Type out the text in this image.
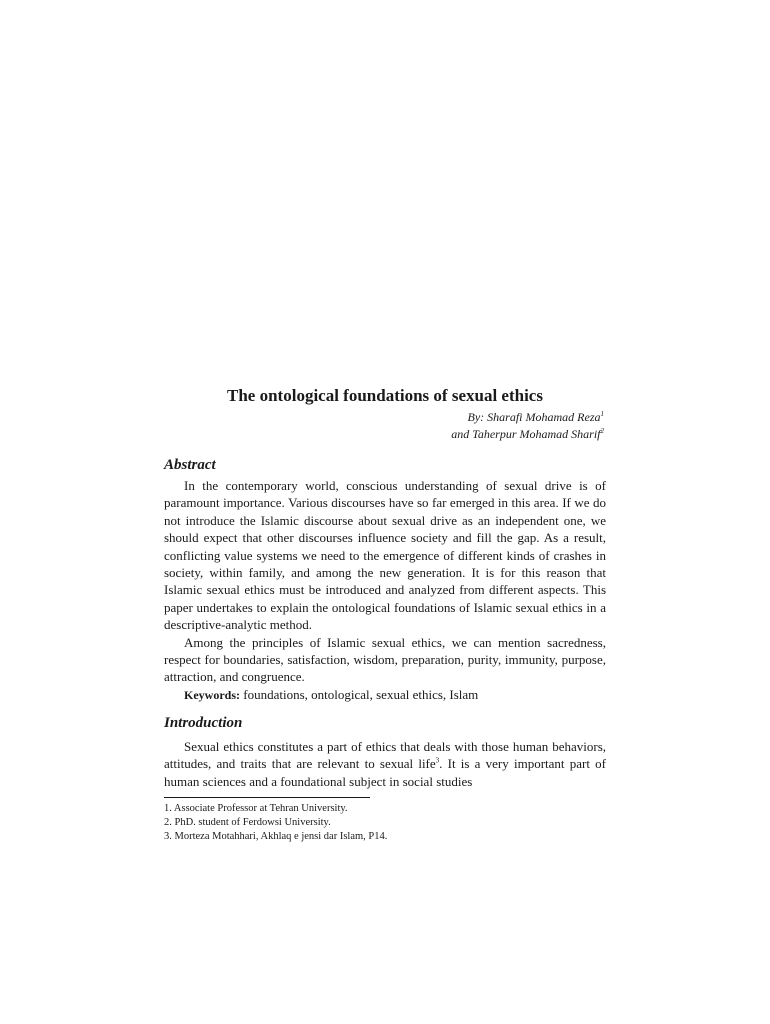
The ontological foundations of sexual ethics
By: Sharafi Mohamad Reza$^1$
and Taherpur Mohamad Sharif$^2$
Abstract

In the contemporary world, conscious understanding of sexual drive is of paramount importance. Various discourses have so far emerged in this area. If we do not introduce the Islamic discourse about sexual drive as an independent one, we should expect that other discourses influence society and fill the gap. As a result, conflicting value systems we need to the emergence of different kinds of crashes in society, within family, and among the new generation. It is for this reason that Islamic sexual ethics must be introduced and analyzed from different aspects. This paper undertakes to explain the ontological foundations of Islamic sexual ethics in a descriptive-analytic method.

Among the principles of Islamic sexual ethics, we can mention sacredness, respect for boundaries, satisfaction, wisdom, preparation, purity, immunity, purpose, attraction, and congruence.

Keywords: foundations, ontological, sexual ethics, Islam

Introduction

Sexual ethics constitutes a part of ethics that deals with those human behaviors, attitudes, and traits that are relevant to sexual life$^3$. It is a very important part of human sciences and a foundational subject in social studies

1. Associate Professor at Tehran University.
2. PhD. student of Ferdowsi University.
3. Morteza Motahhari, Akhlaq e jensi dar Islam, P14.
